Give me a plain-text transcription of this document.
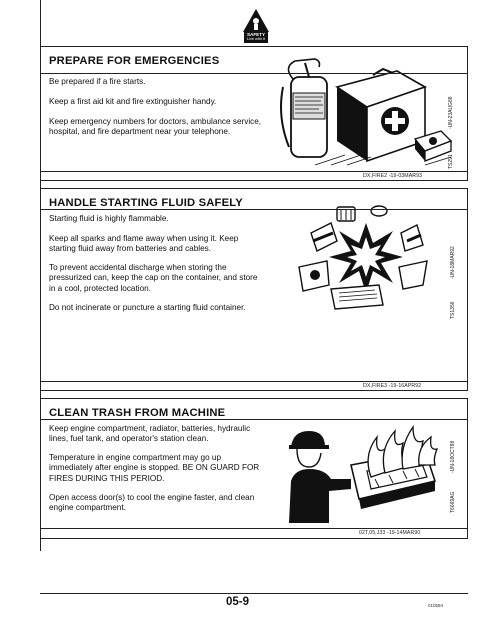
SAFETY
Live with It
PREPARE FOR EMERGENCIES
Be prepared if a fire starts.
Keep a first aid kit and fire extinguisher handy.
Keep emergency numbers for doctors, ambulance service, hospital, and fire department near your telephone.
-UN-23AUG88
TS291
DX,FIRE2 -19-03MAR93
HANDLE STARTING FLUID SAFELY
Starting fluid is highly flammable.
Keep all sparks and flame away when using it. Keep starting fluid away from batteries and cables.
To prevent accidental discharge when storing the pressurized can, keep the cap on the container, and store in a cool, protected location.
Do not incinerate or puncture a starting fluid container.
-UN-18MAR92
TS1356
DX,FIRE3 -19-16APR92
CLEAN TRASH FROM MACHINE
Keep engine compartment, radiator, batteries, hydraulic lines, fuel tank, and operator's station clean.
Temperature in engine compartment may go up immediately after engine is stopped. BE ON GUARD FOR FIRES DURING THIS PERIOD.
Open access door(s) to cool the engine faster, and clean engine compartment.
-UN-18OCT88
T6669AG
02T,05,J33 -19-14MAR90
05-9	010594
